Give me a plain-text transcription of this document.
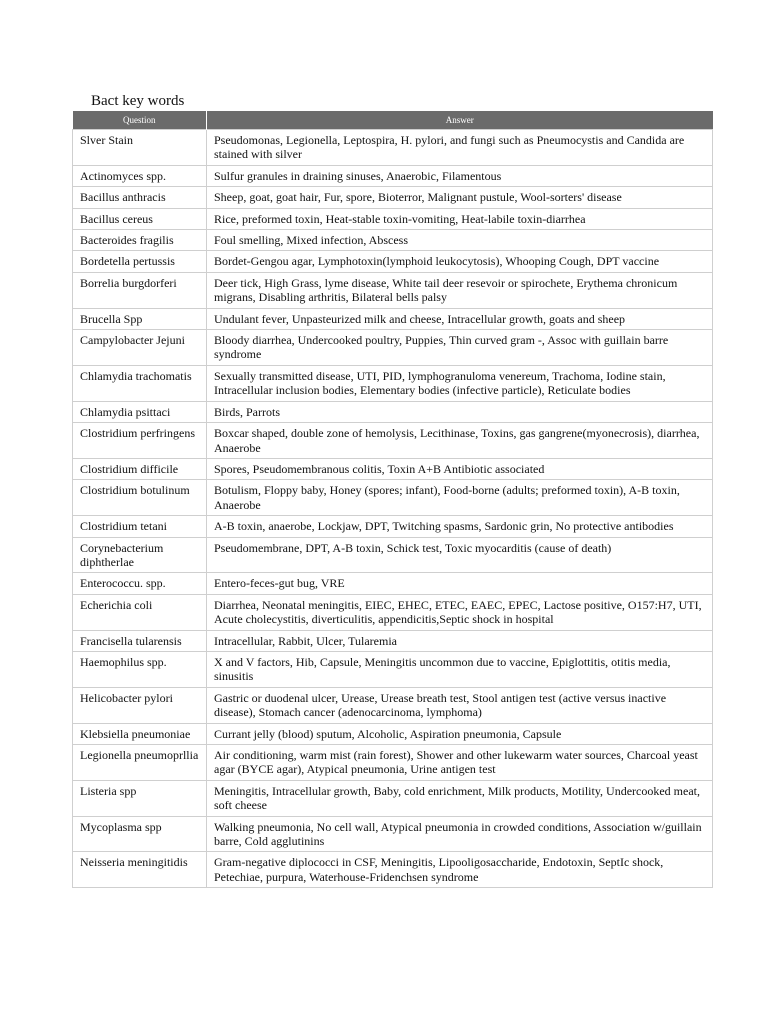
Bact key words
Question	Answer
Slver Stain	Pseudomonas, Legionella, Leptospira, H. pylori, and fungi such as Pneumocystis and Candida are stained with silver
Actinomyces spp.	Sulfur granules in draining sinuses, Anaerobic, Filamentous
Bacillus anthracis	Sheep, goat, goat hair, Fur, spore, Bioterror, Malignant pustule, Wool-sorters' disease
Bacillus cereus	Rice, preformed toxin, Heat-stable toxin-vomiting, Heat-labile toxin-diarrhea
Bacteroides fragilis	Foul smelling, Mixed infection, Abscess
Bordetella pertussis	Bordet-Gengou agar, Lymphotoxin(lymphoid leukocytosis), Whooping Cough, DPT vaccine
Borrelia burgdorferi	Deer tick, High Grass, lyme disease, White tail deer resevoir or spirochete, Erythema chronicum migrans, Disabling arthritis, Bilateral bells palsy
Brucella Spp	Undulant fever, Unpasteurized milk and cheese, Intracellular growth, goats and sheep
Campylobacter Jejuni	Bloody diarrhea, Undercooked poultry, Puppies, Thin curved gram -, Assoc with guillain barre syndrome
Chlamydia trachomatis	Sexually transmitted disease, UTI, PID, lymphogranuloma venereum, Trachoma, Iodine stain, Intracellular inclusion bodies, Elementary bodies (infective particle), Reticulate bodies
Chlamydia psittaci	Birds, Parrots
Clostridium perfringens	Boxcar shaped, double zone of hemolysis, Lecithinase, Toxins, gas gangrene(myonecrosis), diarrhea, Anaerobe
Clostridium difficile	Spores, Pseudomembranous colitis, Toxin A+B Antibiotic associated
Clostridium botulinum	Botulism, Floppy baby, Honey (spores; infant), Food-borne (adults; preformed toxin), A-B toxin, Anaerobe
Clostridium tetani	A-B toxin, anaerobe, Lockjaw, DPT, Twitching spasms, Sardonic grin, No protective antibodies
Corynebacterium diphtherlae	Pseudomembrane, DPT, A-B toxin, Schick test, Toxic myocarditis (cause of death)
Enterococcu. spp.	Entero-feces-gut bug, VRE
Echerichia coli	Diarrhea, Neonatal meningitis, EIEC, EHEC, ETEC, EAEC, EPEC, Lactose positive, O157:H7, UTI, Acute cholecystitis, diverticulitis, appendicitis,Septic shock in hospital
Francisella tularensis	Intracellular, Rabbit, Ulcer, Tularemia
Haemophilus spp.	X and V factors, Hib, Capsule, Meningitis uncommon due to vaccine, Epiglottitis, otitis media, sinusitis
Helicobacter pylori	Gastric or duodenal ulcer, Urease, Urease breath test, Stool antigen test (active versus inactive disease), Stomach cancer (adenocarcinoma, lymphoma)
Klebsiella pneumoniae	Currant jelly (blood) sputum, Alcoholic, Aspiration pneumonia, Capsule
Legionella pneumoprllia	Air conditioning, warm mist (rain forest), Shower and other lukewarm water sources, Charcoal yeast agar (BYCE agar), Atypical pneumonia, Urine antigen test
Listeria spp	Meningitis, Intracellular growth, Baby, cold enrichment, Milk products, Motility, Undercooked meat, soft cheese
Mycoplasma spp	Walking pneumonia, No cell wall, Atypical pneumonia in crowded conditions, Association w/guillain barre, Cold agglutinins
Neisseria meningitidis	Gram-negative diplococci in CSF, Meningitis, Lipooligosaccharide, Endotoxin, SeptIc shock, Petechiae, purpura, Waterhouse-Fridenchsen syndrome
